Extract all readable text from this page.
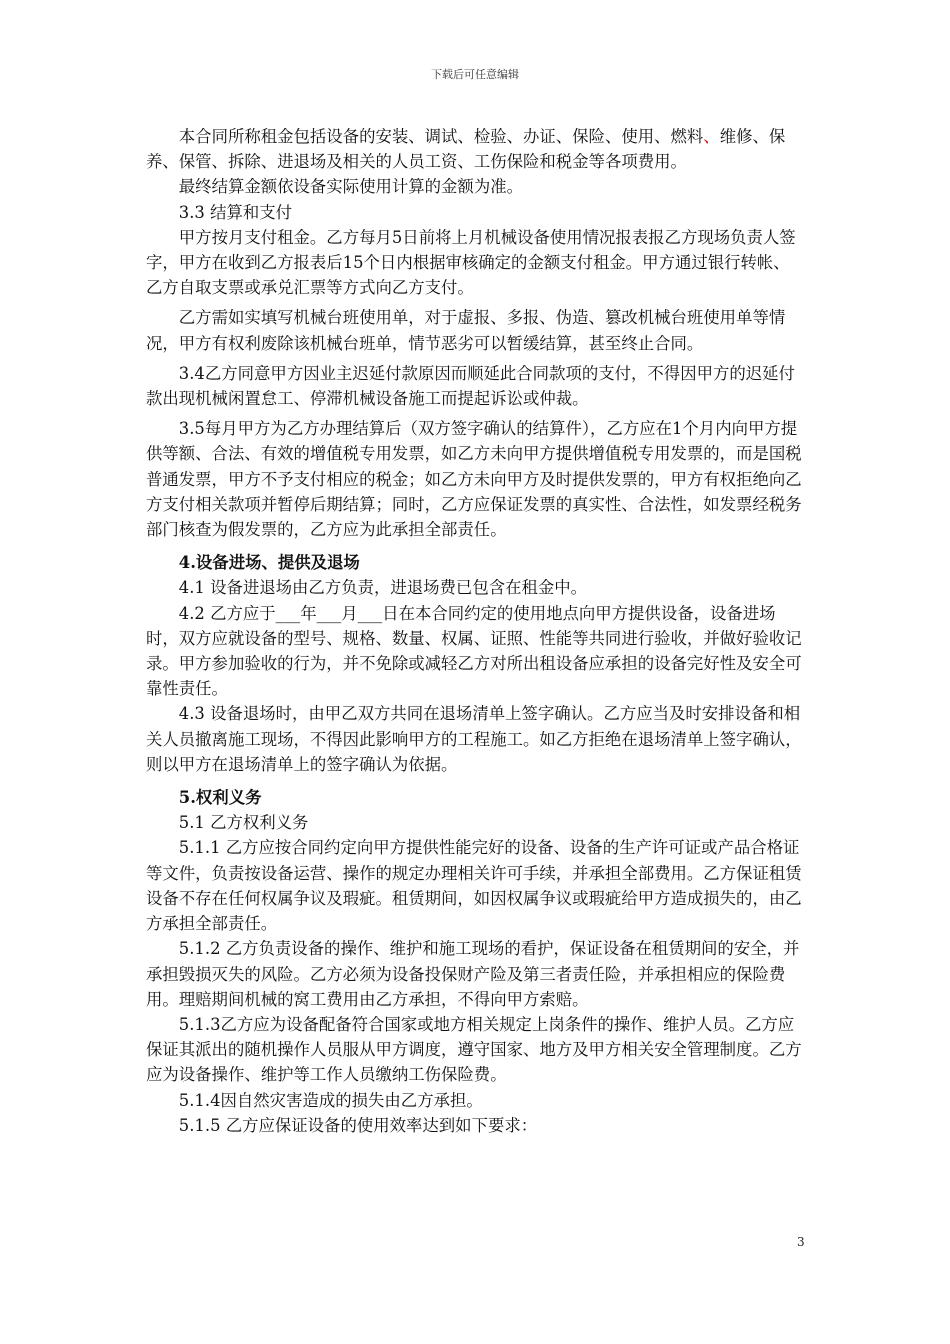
下载后可任意编辑

本合同所称租金包括设备的安装、调试、检验、办证、保险、使用、燃料、维修、保养、保管、拆除、进退场及相关的人员工资、工伤保险和税金等各项费用。

最终结算金额依设备实际使用计算的金额为准。

3.3 结算和支付

甲方按月支付租金。乙方每月5日前将上月机械设备使用情况报表报乙方现场负责人签字，甲方在收到乙方报表后15个日内根据审核确定的金额支付租金。甲方通过银行转帐、乙方自取支票或承兑汇票等方式向乙方支付。

乙方需如实填写机械台班使用单，对于虚报、多报、伪造、篡改机械台班使用单等情况，甲方有权利废除该机械台班单，情节恶劣可以暂缓结算，甚至终止合同。

3.4乙方同意甲方因业主迟延付款原因而顺延此合同款项的支付，不得因甲方的迟延付款出现机械闲置怠工、停滞机械设备施工而提起诉讼或仲裁。

3.5每月甲方为乙方办理结算后（双方签字确认的结算件），乙方应在1个月内向甲方提供等额、合法、有效的增值税专用发票，如乙方未向甲方提供增值税专用发票的，而是国税普通发票，甲方不予支付相应的税金；如乙方未向甲方及时提供发票的，甲方有权拒绝向乙方支付相关款项并暂停后期结算；同时，乙方应保证发票的真实性、合法性，如发票经税务部门核查为假发票的，乙方应为此承担全部责任。

4.设备进场、提供及退场

4.1 设备进退场由乙方负责，进退场费已包含在租金中。

4.2 乙方应于___年___月___日在本合同约定的使用地点向甲方提供设备，设备进场时，双方应就设备的型号、规格、数量、权属、证照、性能等共同进行验收，并做好验收记录。甲方参加验收的行为，并不免除或减轻乙方对所出租设备应承担的设备完好性及安全可靠性责任。

4.3 设备退场时，由甲乙双方共同在退场清单上签字确认。乙方应当及时安排设备和相关人员撤离施工现场，不得因此影响甲方的工程施工。如乙方拒绝在退场清单上签字确认，则以甲方在退场清单上的签字确认为依据。

5.权利义务

5.1 乙方权利义务

5.1.1 乙方应按合同约定向甲方提供性能完好的设备、设备的生产许可证或产品合格证等文件，负责按设备运营、操作的规定办理相关许可手续，并承担全部费用。乙方保证租赁设备不存在任何权属争议及瑕疵。租赁期间，如因权属争议或瑕疵给甲方造成损失的，由乙方承担全部责任。

5.1.2 乙方负责设备的操作、维护和施工现场的看护，保证设备在租赁期间的安全，并承担毁损灭失的风险。乙方必须为设备投保财产险及第三者责任险，并承担相应的保险费用。理赔期间机械的窝工费用由乙方承担，不得向甲方索赔。

5.1.3乙方应为设备配备符合国家或地方相关规定上岗条件的操作、维护人员。乙方应保证其派出的随机操作人员服从甲方调度，遵守国家、地方及甲方相关安全管理制度。乙方应为设备操作、维护等工作人员缴纳工伤保险费。

5.1.4因自然灾害造成的损失由乙方承担。

5.1.5 乙方应保证设备的使用效率达到如下要求：

3
